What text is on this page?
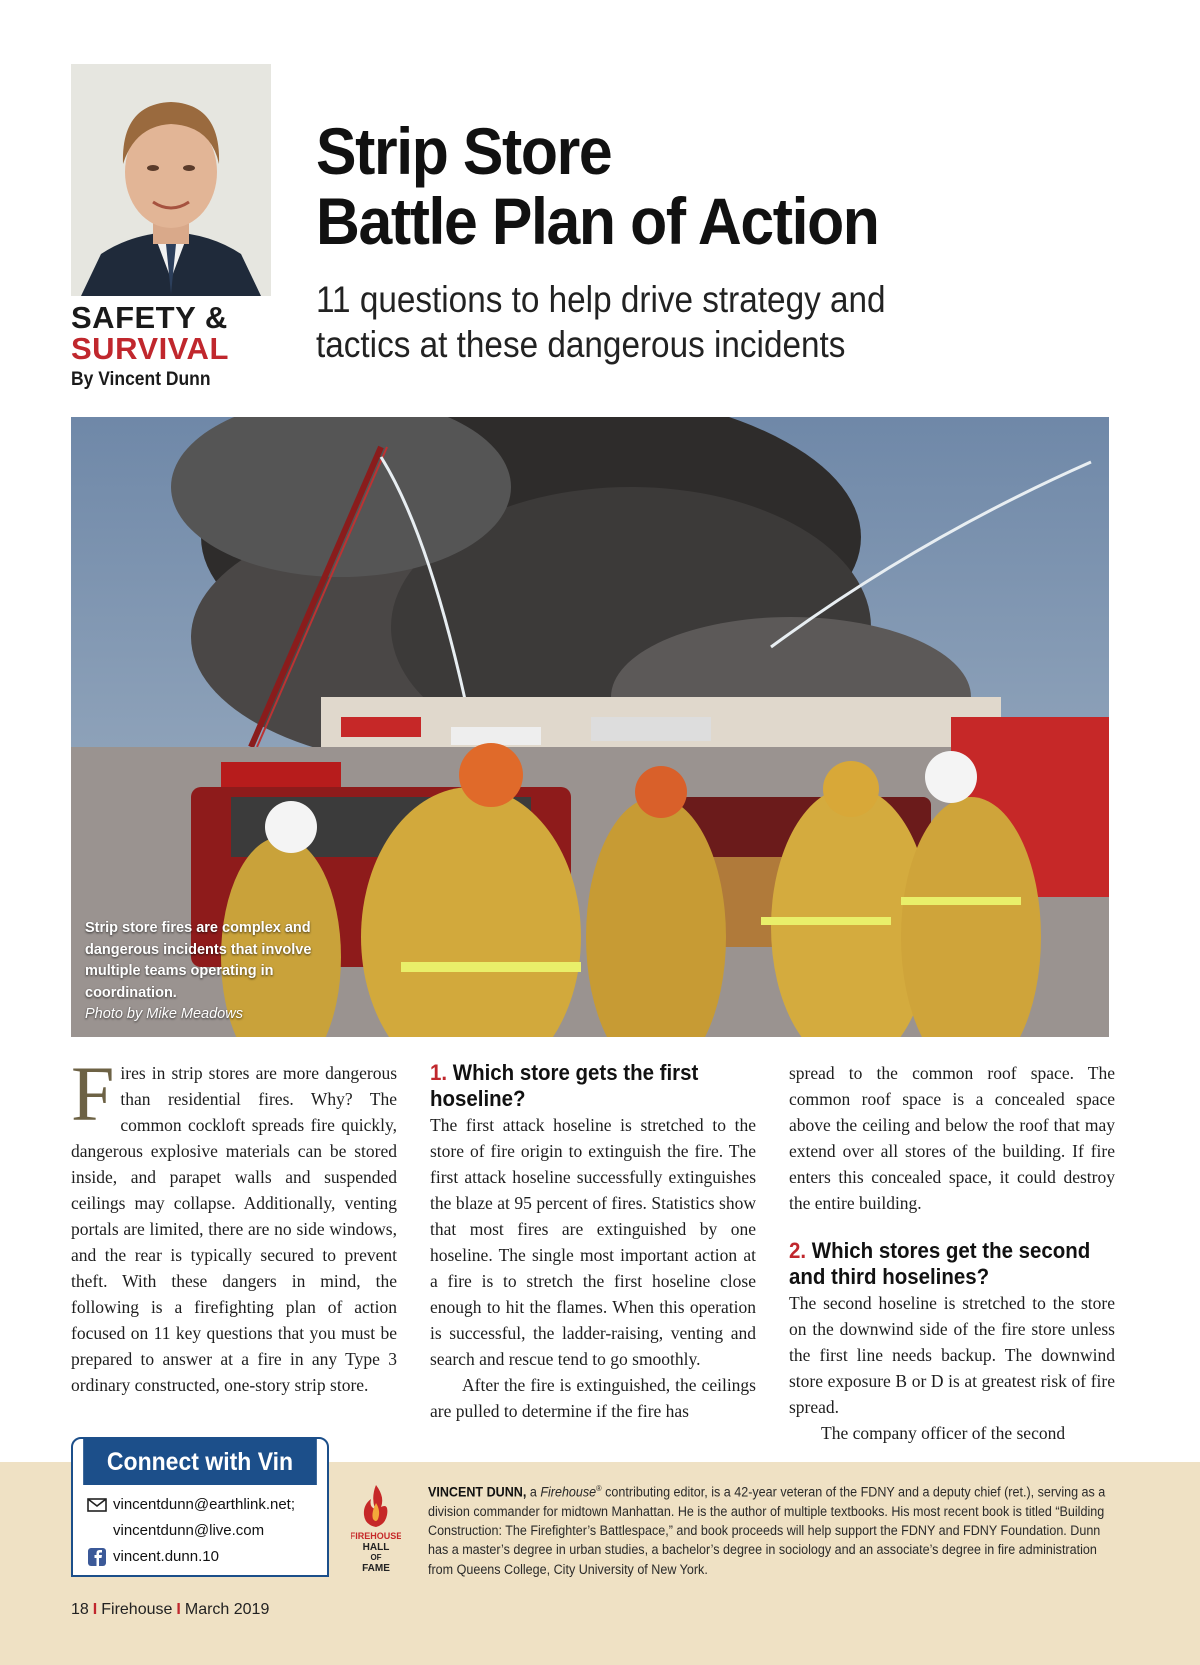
SAFETY &
SURVIVAL
By Vincent Dunn
Strip Store
Battle Plan of Action
11 questions to help drive strategy and
tactics at these dangerous incidents
Strip store fires are complex and dangerous incidents that involve multiple teams operating in coordination.
Photo by Mike Meadows
F ires in strip stores are more dangerous than residential fires. Why? The common cockloft spreads fire quickly, dangerous explosive materials can be stored inside, and parapet walls and suspended ceilings may collapse. Additionally, venting portals are limited, there are no side windows, and the rear is typically secured to prevent theft. With these dangers in mind, the following is a firefighting plan of action focused on 11 key questions that you must be prepared to answer at a fire in any Type 3 ordinary constructed, one-story strip store.
1. Which store gets the first hoseline?

The first attack hoseline is stretched to the store of fire origin to extinguish the fire. The first attack hoseline successfully extinguishes the blaze at 95 percent of fires. Statistics show that most fires are extinguished by one hoseline. The single most important action at a fire is to stretch the first hoseline close enough to hit the flames. When this operation is successful, the ladder-raising, venting and search and rescue tend to go smoothly.

After the fire is extinguished, the ceilings are pulled to determine if the fire has

spread to the common roof space. The common roof space is a concealed space above the ceiling and below the roof that may extend over all stores of the building. If fire enters this concealed space, it could destroy the entire building.

2. Which stores get the second and third hoselines?

The second hoseline is stretched to the store on the downwind side of the fire store unless the first line needs backup. The downwind store exposure B or D is at greatest risk of fire spread.

The company officer of the second

Connect with Vin
vincentdunn@earthlink.net;
vincentdunn@live.com
vincent.dunn.10
FIREHOUSE
HALL
OF
FAME
VINCENT DUNN, a Firehouse® contributing editor, is a 42-year veteran of the FDNY and a deputy chief (ret.), serving as a division commander for midtown Manhattan. He is the author of multiple textbooks. His most recent book is titled “Building Construction: The Firefighter’s Battlespace,” and book proceeds will help support the FDNY and FDNY Foundation. Dunn has a master’s degree in urban studies, a bachelor’s degree in sociology and an associate’s degree in fire administration from Queens College, City University of New York.
18 I Firehouse I March 2019
